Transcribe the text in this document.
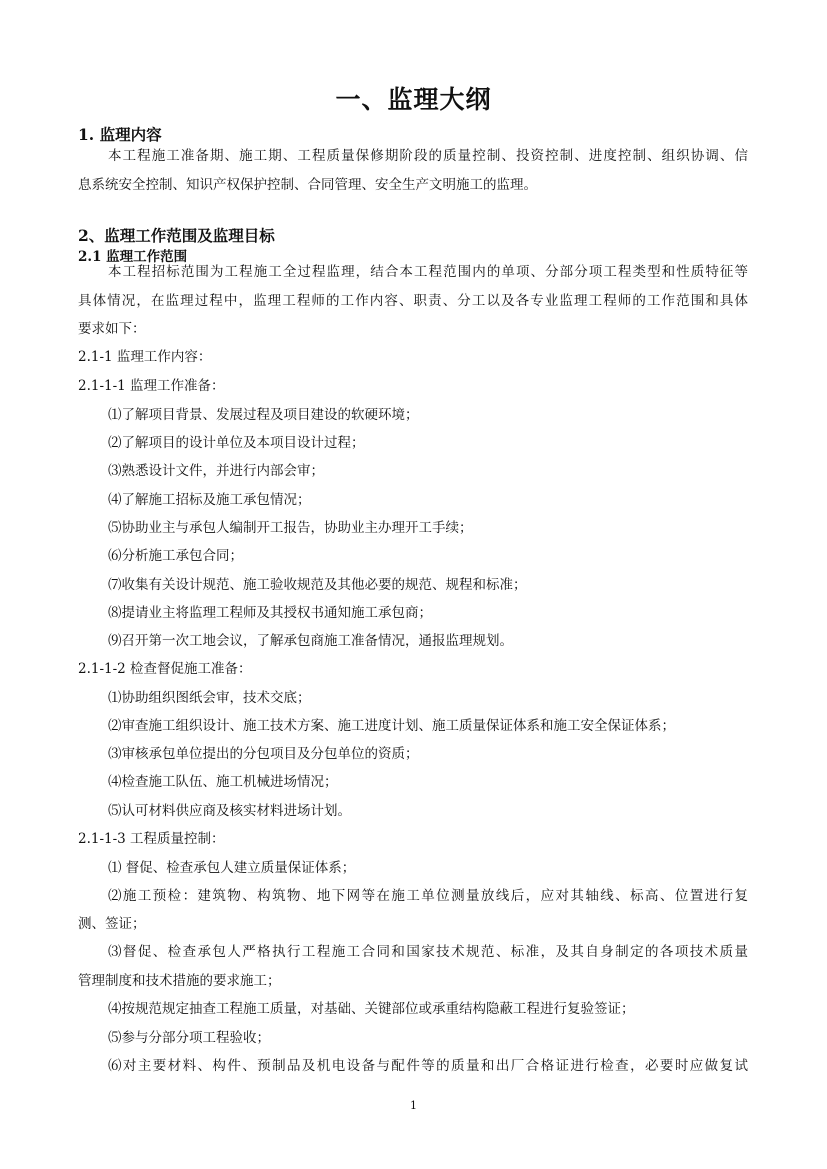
一、监理大纲
1. 监理内容
本工程施工准备期、施工期、工程质量保修期阶段的质量控制、投资控制、进度控制、组织协调、信
息系统安全控制、知识产权保护控制、合同管理、安全生产文明施工的监理。
2、监理工作范围及监理目标
2.1 监理工作范围
本工程招标范围为工程施工全过程监理，结合本工程范围内的单项、分部分项工程类型和性质特征等
具体情况，在监理过程中，监理工程师的工作内容、职责、分工以及各专业监理工程师的工作范围和具体
要求如下：
2.1-1 监理工作内容：
2.1-1-1 监理工作准备：
⑴了解项目背景、发展过程及项目建设的软硬环境；
⑵了解项目的设计单位及本项目设计过程；
⑶熟悉设计文件，并进行内部会审；
⑷了解施工招标及施工承包情况；
⑸协助业主与承包人编制开工报告，协助业主办理开工手续；
⑹分析施工承包合同；
⑺收集有关设计规范、施工验收规范及其他必要的规范、规程和标准；
⑻提请业主将监理工程师及其授权书通知施工承包商；
⑼召开第一次工地会议，了解承包商施工准备情况，通报监理规划。
2.1-1-2 检查督促施工准备：
⑴协助组织图纸会审，技术交底；
⑵审查施工组织设计、施工技术方案、施工进度计划、施工质量保证体系和施工安全保证体系；
⑶审核承包单位提出的分包项目及分包单位的资质；
⑷检查施工队伍、施工机械进场情况；
⑸认可材料供应商及核实材料进场计划。
2.1-1-3 工程质量控制：
⑴ 督促、检查承包人建立质量保证体系；
⑵施工预检：建筑物、构筑物、地下网等在施工单位测量放线后，应对其轴线、标高、位置进行复
测、签证；
⑶督促、检查承包人严格执行工程施工合同和国家技术规范、标准，及其自身制定的各项技术质量
管理制度和技术措施的要求施工；
⑷按规范规定抽查工程施工质量，对基础、关键部位或承重结构隐蔽工程进行复验签证；
⑸参与分部分项工程验收；
⑹对主要材料、构件、预制品及机电设备与配件等的质量和出厂合格证进行检查，必要时应做复试
1
